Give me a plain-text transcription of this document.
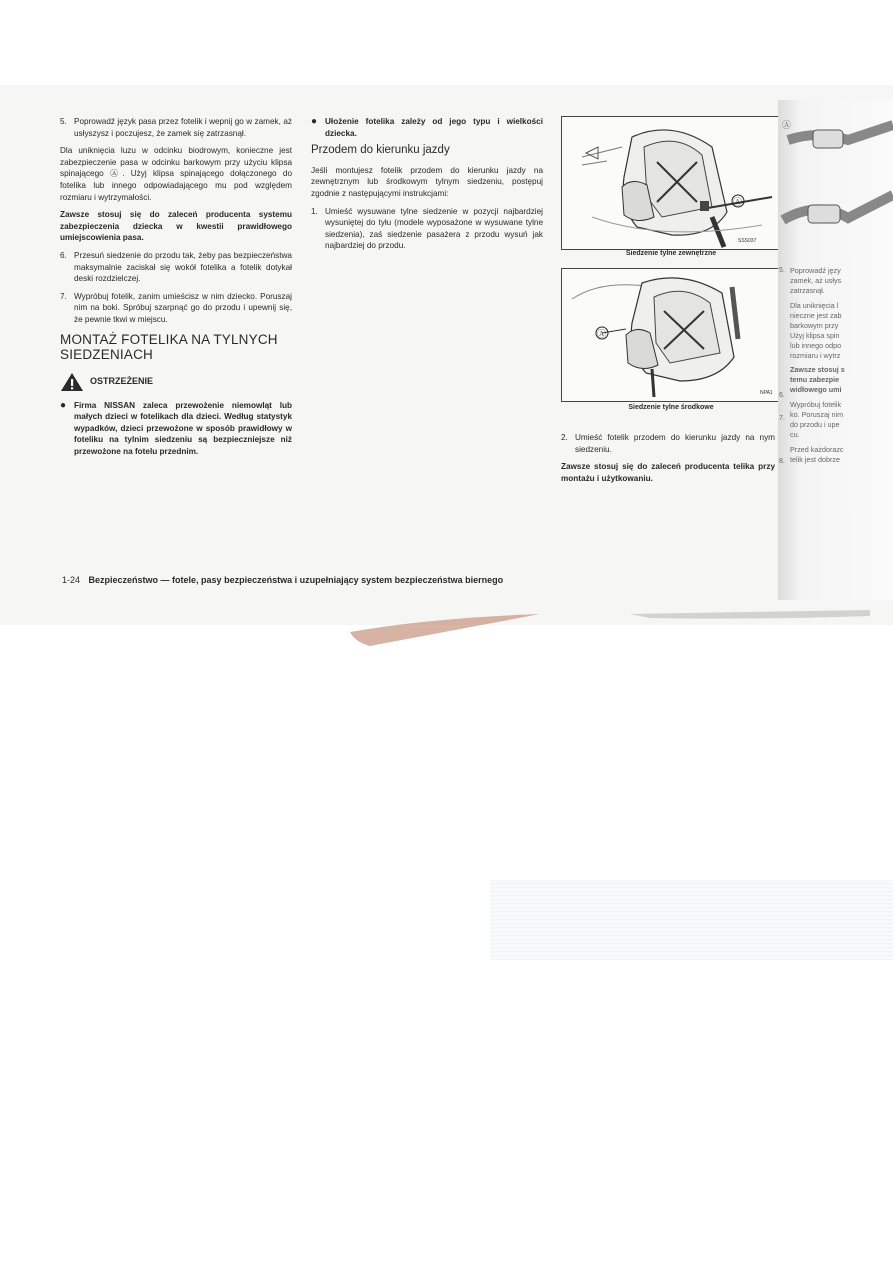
5. Poprowadź język pasa przez fotelik i wepnij go w zamek, aż usłyszysz i poczujesz, że zamek się zatrzasnął.

Dla uniknięcia luzu w odcinku biodrowym, konieczne jest zabezpieczenie pasa w odcinku barkowym przy użyciu klipsa spinającego Ⓐ. Użyj klipsa spinającego dołączonego do fotelika lub innego odpowiadającego mu pod względem rozmiaru i wytrzymałości.

Zawsze stosuj się do zaleceń producenta systemu zabezpieczenia dziecka w kwestii prawidłowego umiejscowienia pasa.

6. Przesuń siedzenie do przodu tak, żeby pas bezpieczeństwa maksymalnie zaciskał się wokół fotelika a fotelik dotykał deski rozdzielczej.
7. Wypróbuj fotelik, zanim umieścisz w nim dziecko. Poruszaj nim na boki. Spróbuj szarpnąć go do przodu i upewnij się, że pewnie tkwi w miejscu.
MONTAŻ FOTELIKA NA TYLNYCH
SIEDZENIACH
OSTRZEŻENIE
● Firma NISSAN zaleca przewożenie niemowląt lub małych dzieci w fotelikach dla dzieci. Według statystyk wypadków, dzieci przewożone w sposób prawidłowy w foteliku na tylnim siedzeniu są bezpieczniejsze niż przewożone na fotelu przednim.
● Ułożenie fotelika zależy od jego typu i wielkości dziecka.
Przodem do kierunku jazdy

Jeśli montujesz fotelik przodem do kierunku jazdy na zewnętrznym lub środkowym tylnym siedzeniu, postępuj zgodnie z następującymi instrukcjami:

1. Umieść wysuwane tylne siedzenie w pozycji najbardziej wysuniętej do tyłu (modele wyposażone w wysuwane tylne siedzenia), zaś siedzenie pasażera z przodu wysuń jak najbardziej do przodu.
SSS037
Ⓐ
Siedzenie tylne zewnętrzne
NPA1
Ⓐ
Siedzenie tylne środkowe
2. Umieść fotelik przodem do kierunku jazdy na nym siedzeniu.

Zawsze stosuj się do zaleceń producenta telika przy montażu i użytkowaniu.

Ⓐ
Poprowadź języ
zamek, aż usłys
zatrzasnął.
Dla uniknięcia l
nieczne jest zab
barkowym przy
Użyj klipsa spin
lub innego odpo
rozmiaru i wytrz
Zawsze stosuj s
temu zabezpie
widłowego umi
Wypróbuj fotelik
ko. Poruszaj nim
do przodu i upe
cu.
Przed każdorazc
telik jest dobrze
5.
6.
7.
8.
1-24 Bezpieczeństwo — fotele, pasy bezpieczeństwa i uzupełniający system bezpieczeństwa biernego
